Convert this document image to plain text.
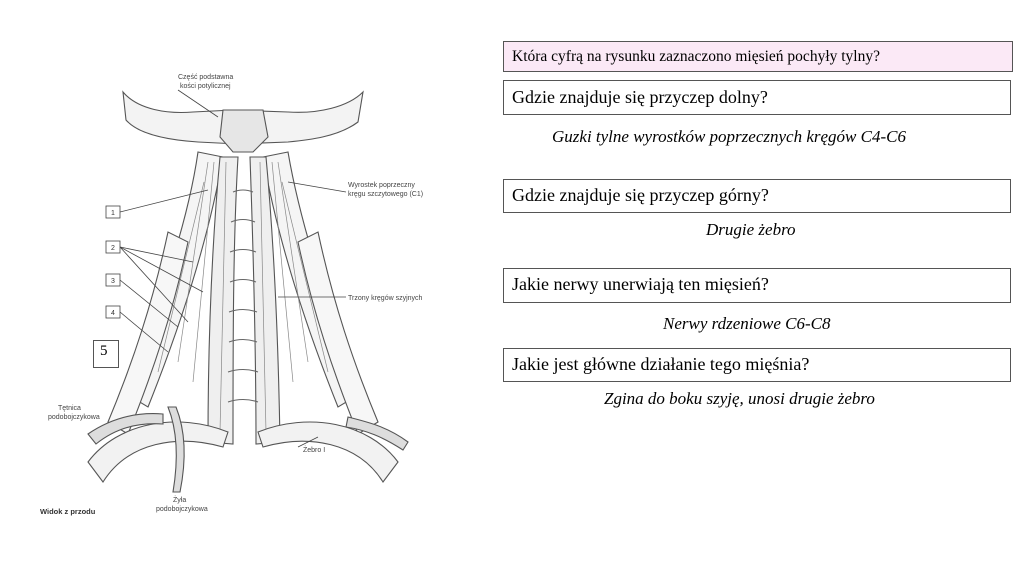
1
2
3
4
Część podstawna
kości potylicznej
Wyrostek poprzeczny
kręgu szczytowego (C1)
Trzony kręgów szyjnych
Tętnica
podobojczykowa
Żebro I
Żyła
podobojczykowa
Widok z przodu
5
Która cyfrą na rysunku zaznaczono mięsień pochyły tylny?
Gdzie znajduje się przyczep dolny?
Guzki tylne wyrostków poprzecznych kręgów C4-C6
Gdzie znajduje się przyczep górny?
Drugie żebro
Jakie nerwy unerwiają ten mięsień?
Nerwy rdzeniowe C6-C8
Jakie jest główne działanie tego mięśnia?
Zgina do boku szyję, unosi drugie żebro
